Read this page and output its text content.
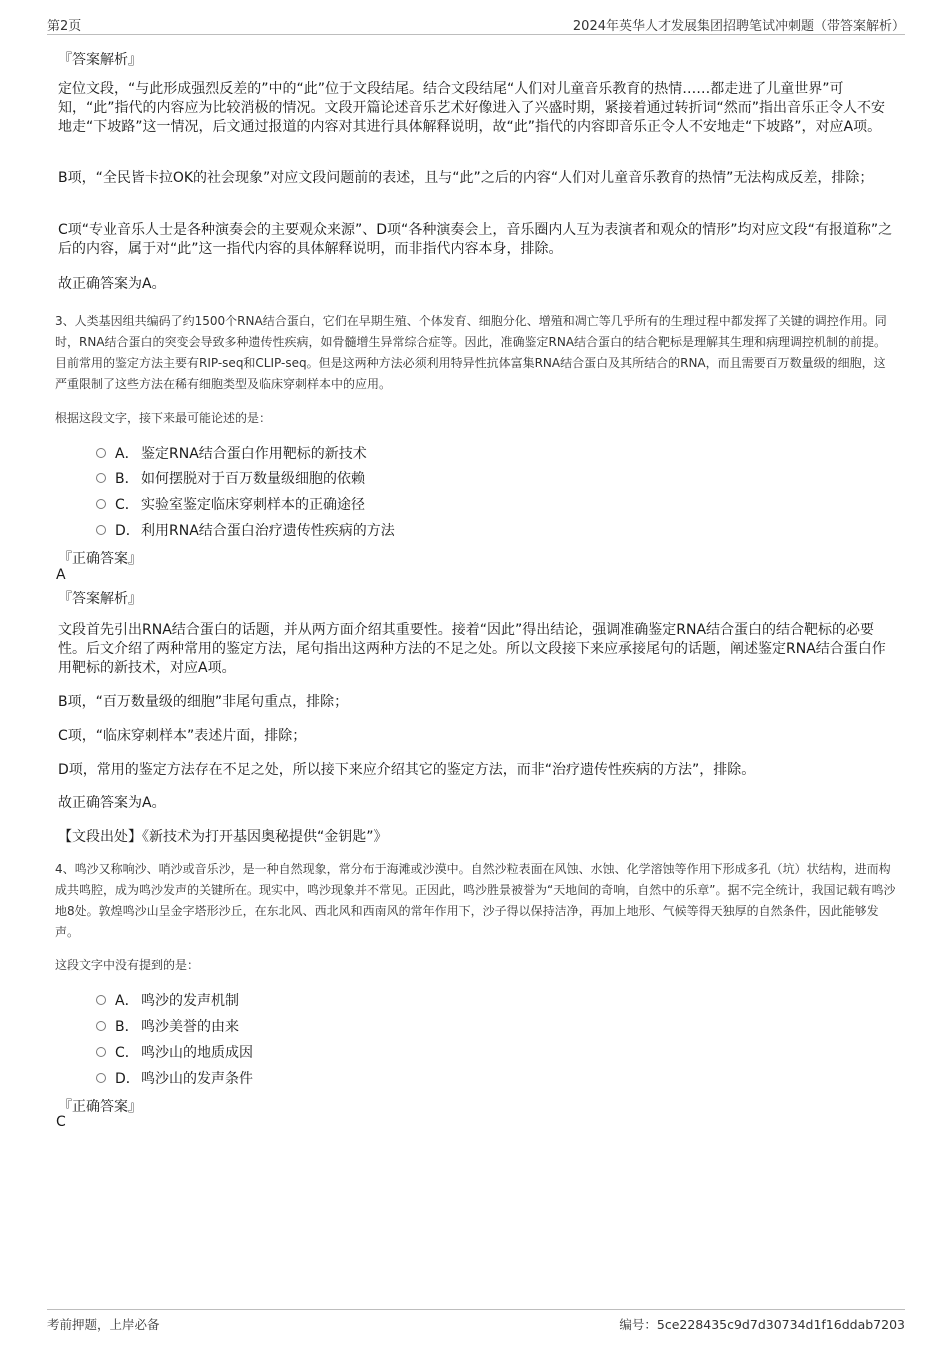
第2页	2024年英华人才发展集团招聘笔试冲刺题（带答案解析）
『答案解析』
定位文段，“与此形成强烈反差的”中的“此”位于文段结尾。结合文段结尾“人们对儿童音乐教育的热情……都走进了儿童世界”可知，“此”指代的内容应为比较消极的情况。文段开篇论述音乐艺术好像进入了兴盛时期，紧接着通过转折词“然而”指出音乐正令人不安地走“下坡路”这一情况，后文通过报道的内容对其进行具体解释说明，故“此”指代的内容即音乐正令人不安地走“下坡路”，对应A项。
B项，“全民皆卡拉OK的社会现象”对应文段问题前的表述，且与“此”之后的内容“人们对儿童音乐教育的热情”无法构成反差，排除；
C项“专业音乐人士是各种演奏会的主要观众来源”、D项“各种演奏会上，音乐圈内人互为表演者和观众的情形”均对应文段“有报道称”之后的内容，属于对“此”这一指代内容的具体解释说明，而非指代内容本身，排除。
故正确答案为A。
3、人类基因组共编码了约1500个RNA结合蛋白，它们在早期生殖、个体发育、细胞分化、增殖和凋亡等几乎所有的生理过程中都发挥了关键的调控作用。同时，RNA结合蛋白的突变会导致多种遗传性疾病，如骨髓增生异常综合症等。因此，准确鉴定RNA结合蛋白的结合靶标是理解其生理和病理调控机制的前提。目前常用的鉴定方法主要有RIP-seq和CLIP-seq。但是这两种方法必须利用特异性抗体富集RNA结合蛋白及其所结合的RNA，而且需要百万数量级的细胞，这严重限制了这些方法在稀有细胞类型及临床穿刺样本中的应用。
根据这段文字，接下来最可能论述的是：
A． 鉴定RNA结合蛋白作用靶标的新技术
B． 如何摆脱对于百万数量级细胞的依赖
C． 实验室鉴定临床穿刺样本的正确途径
D．利用RNA结合蛋白治疗遗传性疾病的方法
『正确答案』
A
『答案解析』
文段首先引出RNA结合蛋白的话题，并从两方面介绍其重要性。接着“因此”得出结论，强调准确鉴定RNA结合蛋白的结合靶标的必要性。后文介绍了两种常用的鉴定方法，尾句指出这两种方法的不足之处。所以文段接下来应承接尾句的话题，阐述鉴定RNA结合蛋白作用靶标的新技术，对应A项。
B项，“百万数量级的细胞”非尾句重点，排除；
C项，“临床穿刺样本”表述片面，排除；
D项，常用的鉴定方法存在不足之处，所以接下来应介绍其它的鉴定方法，而非“治疗遗传性疾病的方法”，排除。
故正确答案为A。
【文段出处】《新技术为打开基因奥秘提供“金钥匙”》
4、鸣沙又称响沙、哨沙或音乐沙，是一种自然现象，常分布于海滩或沙漠中。自然沙粒表面在风蚀、水蚀、化学溶蚀等作用下形成多孔（坑）状结构，进而构成共鸣腔，成为鸣沙发声的关键所在。现实中，鸣沙现象并不常见。正因此，鸣沙胜景被誉为“天地间的奇响，自然中的乐章”。据不完全统计，我国记载有鸣沙地8处。敦煌鸣沙山呈金字塔形沙丘，在东北风、西北风和西南风的常年作用下，沙子得以保持洁净，再加上地形、气候等得天独厚的自然条件，因此能够发声。
这段文字中没有提到的是：
A． 鸣沙的发声机制
B． 鸣沙美誉的由来
C． 鸣沙山的地质成因
D．鸣沙山的发声条件
『正确答案』
C
考前押题，上岸必备	编号：5ce228435c9d7d30734d1f16ddab7203
